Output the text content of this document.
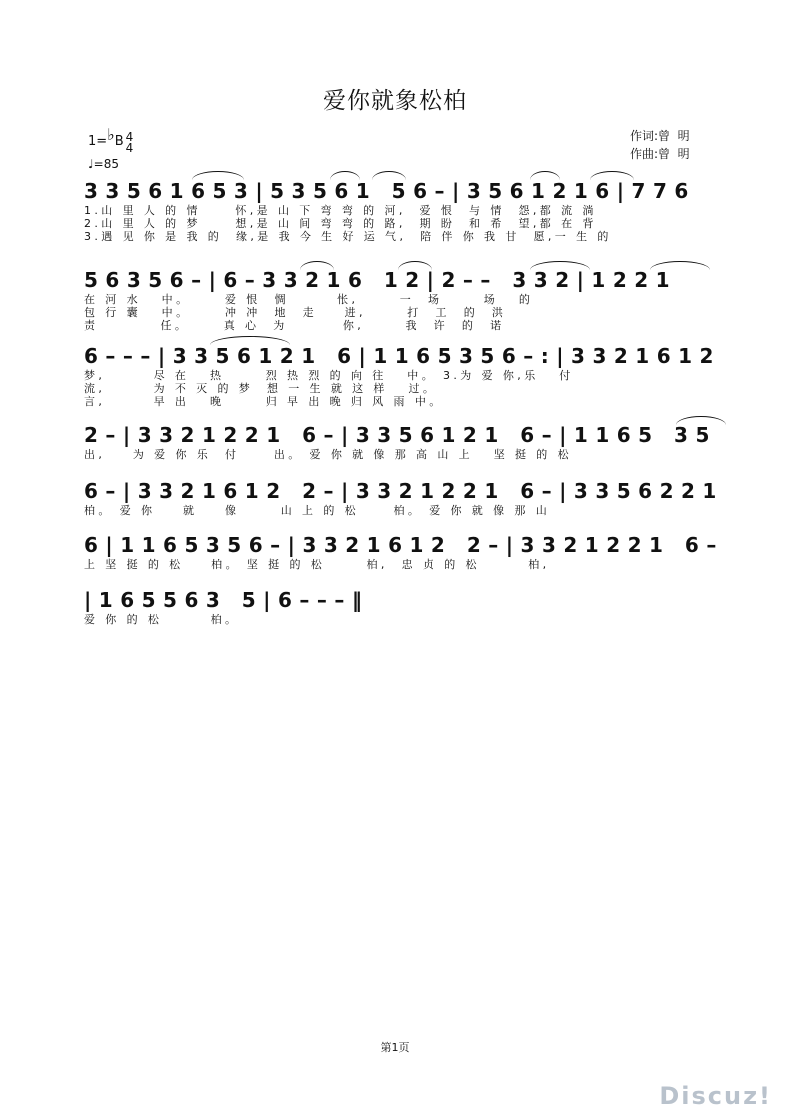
爱你就象松柏
1=♭B 4
4
♩=85
作词:曾  明
作曲:曾  明
33561653|53561 56–|3561216|776
1.山 里 人 的 情     怀,是 山 下 弯 弯 的 河,  爱 恨  与 情  怨,都 流 淌
2.山 里 人 的 梦     想,是 山 间 弯 弯 的 路,  期 盼  和 希  望,都 在 背
3.遇 见 你 是 我 的  缘,是 我 今 生 好 运 气,  陪 伴 你 我 甘  愿,一 生 的
56356–|6–33216 12|2–– 332|1221
在 河 水   中。     爱 恨  惆       怅,      一  场      场   的
包 行 囊   中。     冲 冲  地  走    进,      打  工  的  洪
责         任。     真 心  为        你,      我  许  的  诺
6–––|3356121 6|1165356–:|3321612
梦,       尽 在   热      烈 热 烈 的 向 往   中。 3.为 爱 你,乐   付
流,       为 不 灭 的 梦  想 一 生 就 这 样   过。
言,       早 出   晚      归 早 出 晚 归 风 雨 中。
2–|3321221 6–|3356121 6–|1165 35
出,    为 爱 你 乐  付     出。 爱 你 就 像 那 高 山 上   坚 挺 的 松
6–|3321612 2–|3321221 6–|3356221
柏。 爱 你    就    像      山 上 的 松     柏。 爱 你 就 像 那 山
6|1165356–|3321612 2–|3321221 6–
上 坚 挺 的 松    柏。 坚 挺 的 松      柏,  忠 贞 的 松       柏,
|165563 5|6–––‖
爱 你 的 松       柏。
第1页
Discuz!
